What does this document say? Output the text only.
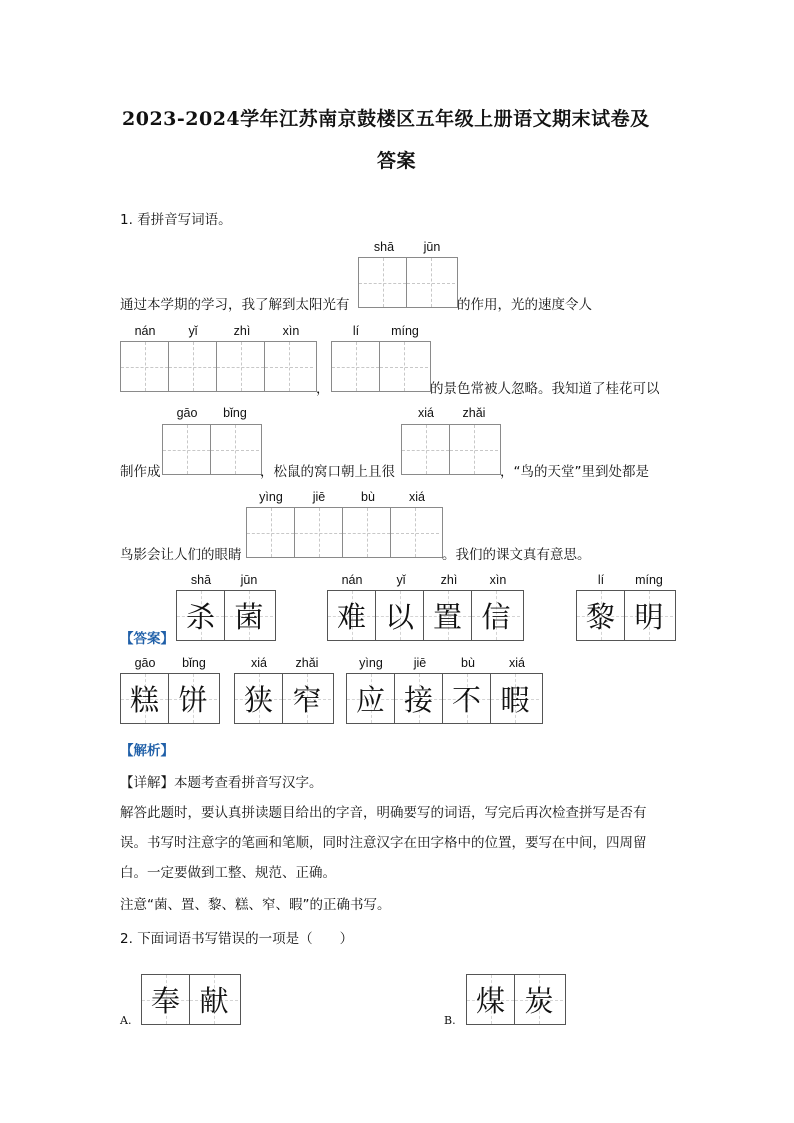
2023-2024学年江苏南京鼓楼区五年级上册语文期末试卷及
答案
1. 看拼音写词语。
shā	jūn
通过本学期的学习，我了解到太阳光有	的作用，光的速度令人
nán	yǐ	zhì	xìn
，
lí	míng
的景色常被人忽略。我知道了桂花可以
gāo	bǐng
制作成	，松鼠的窝口朝上且很
xiá	zhǎi
，“鸟的天堂”里到处都是
yìng	jiē	bù	xiá
鸟影会让人们的眼睛	。我们的课文真有意思。
【答案】
shā	jūn
杀 菌
nán	yǐ	zhì	xìn
难 以 置 信
lí	míng
黎 明
gāo	bǐng
糕 饼
xiá	zhǎi
狭 窄
yìng	jiē	bù	xiá
应 接 不 暇
【解析】
【详解】本题考查看拼音写汉字。
解答此题时，要认真拼读题目给出的字音，明确要写的词语，写完后再次检查拼写是否有
误。书写时注意字的笔画和笔顺，同时注意汉字在田字格中的位置，要写在中间，四周留
白。一定要做到工整、规范、正确。
注意“菌、置、黎、糕、窄、暇”的正确书写。
2. 下面词语书写错误的一项是（　　）
A.
奉 献
B.
煤 炭
